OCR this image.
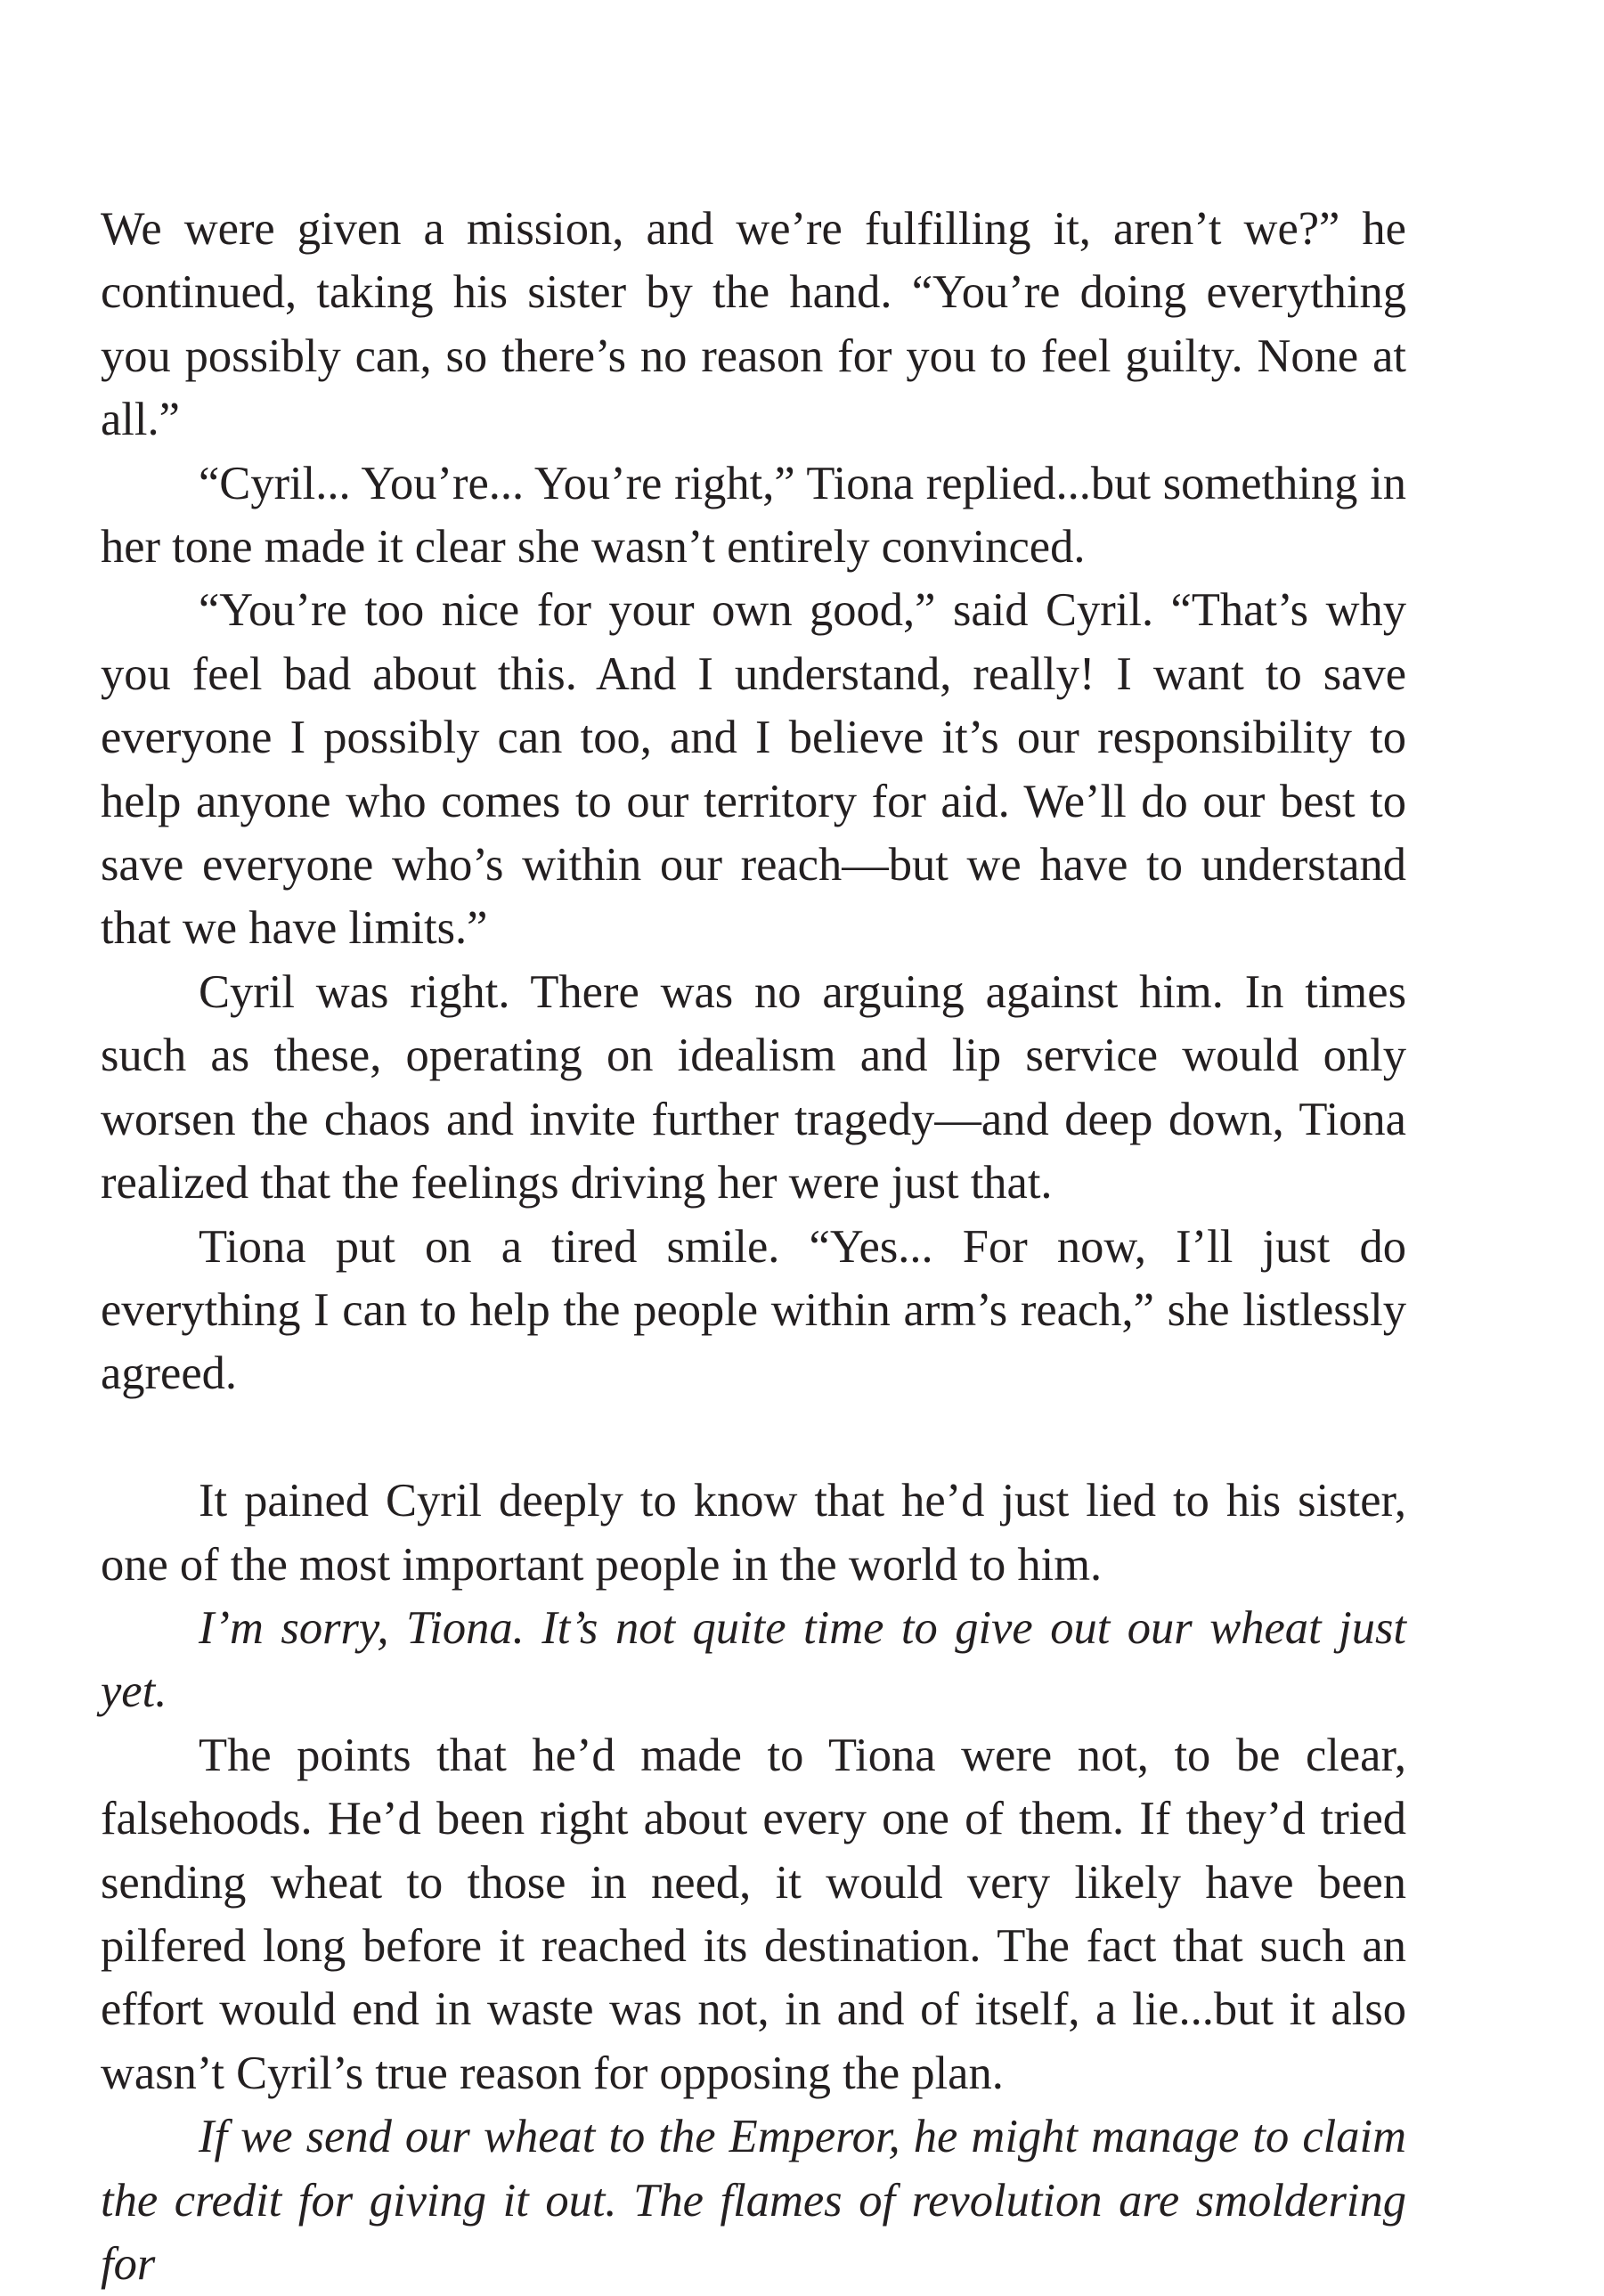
We were given a mission, and we’re fulfilling it, aren’t we?” he continued, taking his sister by the hand. “You’re doing everything you possibly can, so there’s no reason for you to feel guilty. None at all.”

“Cyril... You’re... You’re right,” Tiona replied...but something in her tone made it clear she wasn’t entirely convinced.

“You’re too nice for your own good,” said Cyril. “That’s why you feel bad about this. And I understand, really! I want to save everyone I possibly can too, and I believe it’s our responsibility to help anyone who comes to our territory for aid. We’ll do our best to save everyone who’s within our reach—but we have to understand that we have limits.”

Cyril was right. There was no arguing against him. In times such as these, operating on idealism and lip service would only worsen the chaos and invite further tragedy—and deep down, Tiona realized that the feelings driving her were just that.

Tiona put on a tired smile. “Yes... For now, I’ll just do everything I can to help the people within arm’s reach,” she listlessly agreed.

It pained Cyril deeply to know that he’d just lied to his sister, one of the most important people in the world to him.

I’m sorry, Tiona. It’s not quite time to give out our wheat just yet.

The points that he’d made to Tiona were not, to be clear, falsehoods. He’d been right about every one of them. If they’d tried sending wheat to those in need, it would very likely have been pilfered long before it reached its destination. The fact that such an effort would end in waste was not, in and of itself, a lie...but it also wasn’t Cyril’s true reason for opposing the plan.

If we send our wheat to the Emperor, he might manage to claim the credit for giving it out. The flames of revolution are smoldering for
